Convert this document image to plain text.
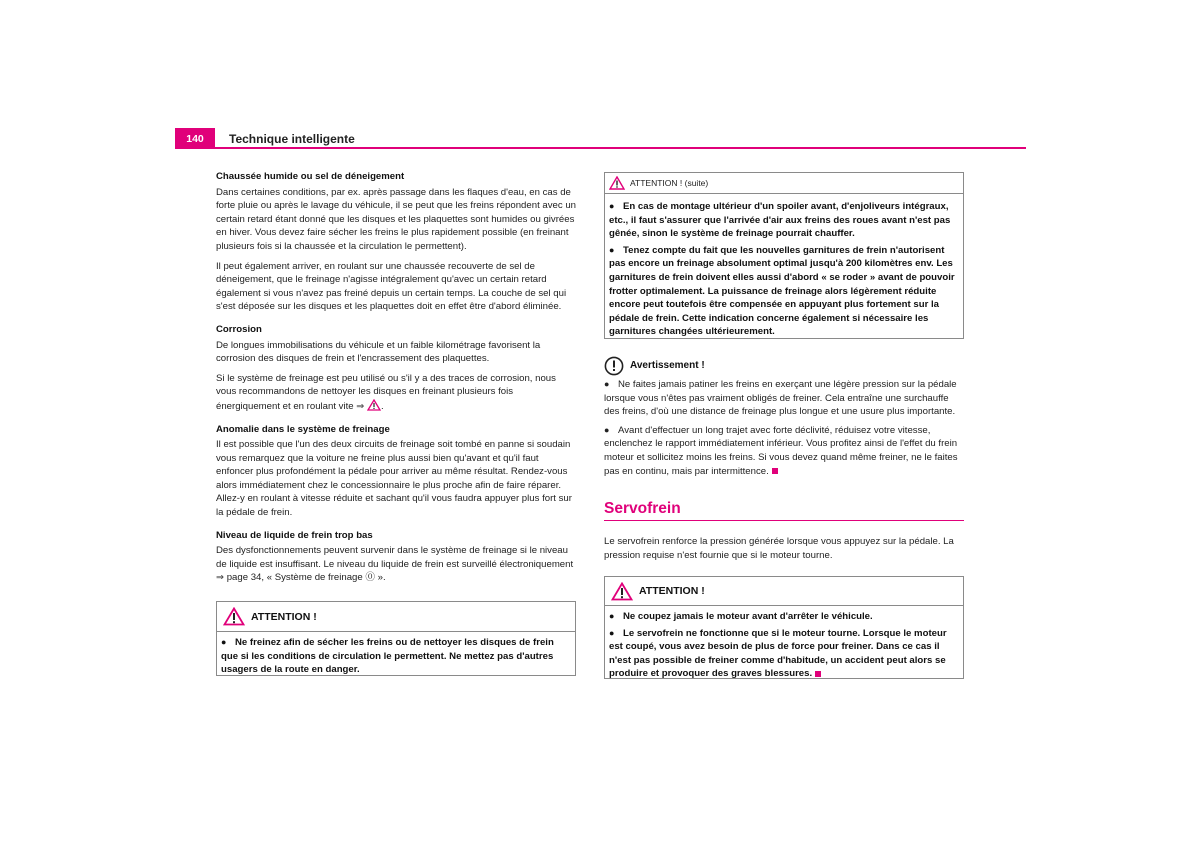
140	Technique intelligente
Chaussée humide ou sel de déneigement

Dans certaines conditions, par ex. après passage dans les flaques d'eau, en cas de forte pluie ou après le lavage du véhicule, il se peut que les freins répondent avec un certain retard étant donné que les disques et les plaquettes sont humides ou givrées en hiver. Vous devez faire sécher les freins le plus rapidement possible (en freinant plusieurs fois si la chaussée et la circulation le permettent).

Il peut également arriver, en roulant sur une chaussée recouverte de sel de déneigement, que le freinage n'agisse intégralement qu'avec un certain retard également si vous n'avez pas freiné depuis un certain temps. La couche de sel qui s'est déposée sur les disques et les plaquettes doit en effet être d'abord éliminée.

Corrosion

De longues immobilisations du véhicule et un faible kilométrage favorisent la corrosion des disques de frein et l'encrassement des plaquettes.

Si le système de freinage est peu utilisé ou s'il y a des traces de corrosion, nous vous recommandons de nettoyer les disques en freinant plusieurs fois énergiquement et en roulant vite ⇒ .

Anomalie dans le système de freinage

Il est possible que l'un des deux circuits de freinage soit tombé en panne si soudain vous remarquez que la voiture ne freine plus aussi bien qu'avant et qu'il faut enfoncer plus profondément la pédale pour arriver au même résultat. Rendez-vous alors immédiatement chez le concessionnaire le plus proche afin de faire réparer. Allez-y en roulant à vitesse réduite et sachant qu'il vous faudra appuyer plus fort sur la pédale de frein.

Niveau de liquide de frein trop bas

Des dysfonctionnements peuvent survenir dans le système de freinage si le niveau de liquide est insuffisant. Le niveau du liquide de frein est surveillé électroniquement ⇒ page 34, « Système de freinage ⓪ ».

ATTENTION !

● Ne freinez afin de sécher les freins ou de nettoyer les disques de frein que si les conditions de circulation le permettent. Ne mettez pas d'autres usagers de la route en danger.

ATTENTION ! (suite)

● En cas de montage ultérieur d'un spoiler avant, d'enjoliveurs intégraux, etc., il faut s'assurer que l'arrivée d'air aux freins des roues avant n'est pas gênée, sinon le système de freinage pourrait chauffer.

● Tenez compte du fait que les nouvelles garnitures de frein n'autorisent pas encore un freinage absolument optimal jusqu'à 200 kilomètres env. Les garnitures de frein doivent elles aussi d'abord « se roder » avant de pouvoir frotter optimalement. La puissance de freinage alors légèrement réduite encore peut toutefois être compensée en appuyant plus fortement sur la pédale de frein. Cette indication concerne également si nécessaire les garnitures changées ultérieurement.

Avertissement !

● Ne faites jamais patiner les freins en exerçant une légère pression sur la pédale lorsque vous n'êtes pas vraiment obligés de freiner. Cela entraîne une surchauffe des freins, d'où une distance de freinage plus longue et une usure plus importante.

● Avant d'effectuer un long trajet avec forte déclivité, réduisez votre vitesse, enclenchez le rapport immédiatement inférieur. Vous profitez ainsi de l'effet du frein moteur et sollicitez moins les freins. Si vous devez quand même freiner, ne le faites pas en continu, mais par intermittence.

Servofrein

Le servofrein renforce la pression générée lorsque vous appuyez sur la pédale. La pression requise n'est fournie que si le moteur tourne.

ATTENTION !

● Ne coupez jamais le moteur avant d'arrêter le véhicule.

● Le servofrein ne fonctionne que si le moteur tourne. Lorsque le moteur est coupé, vous avez besoin de plus de force pour freiner. Dans ce cas il n'est pas possible de freiner comme d'habitude, un accident peut alors se produire et provoquer des graves blessures.
